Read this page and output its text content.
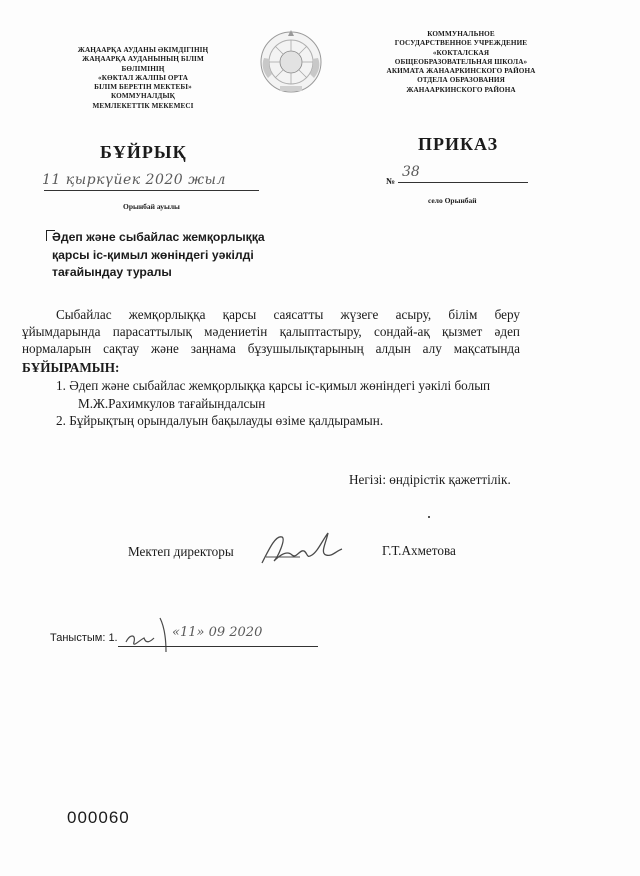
ЖАҢААРҚА АУДАНЫ ӘКІМДІГІНІҢ
ЖАҢААРҚА АУДАНЫНЫҢ БІЛІМ
БӨЛІМІНІҢ
«КӨКТАЛ ЖАЛПЫ ОРТА
БІЛІМ БЕРЕТІН МЕКТЕБІ»
КОММУНАЛДЫҚ
МЕМЛЕКЕТТІК МЕКЕМЕСІ
КОММУНАЛЬНОЕ
ГОСУДАРСТВЕННОЕ УЧРЕЖДЕНИЕ
«КОКТАЛСКАЯ
ОБЩЕОБРАЗОВАТЕЛЬНАЯ ШКОЛА»
АКИМАТА ЖАНААРКИНСКОГО РАЙОНА
ОТДЕЛА ОБРАЗОВАНИЯ
ЖАНААРКИНСКОГО РАЙОНА
БҰЙРЫҚ	ПРИКАЗ
11 қыркүйек 2020 жыл	№
38
Орынбай ауылы
село Орынбай
Әдеп және сыбайлас жемқорлыққа
қарсы іс-қимыл жөніндегі уәкілді
тағайындау туралы
Сыбайлас жемқорлыққа қарсы саясатты жүзеге асыру, білім беру
ұйымдарында парасаттылық мәдениетін қалыптастыру, сондай-ақ қызмет әдеп
нормаларын сақтау және заңнама бұзушылықтарының алдын алу мақсатында
БҰЙЫРАМЫН:
1. Әдеп және сыбайлас жемқорлыққа қарсы іс-қимыл жөніндегі уәкілі болып
М.Ж.Рахимкулов тағайындалсын
2. Бұйрықтың орындалуын бақылауды өзіме қалдырамын.
Негізі: өндірістік қажеттілік.
Мектеп директоры	Г.Т.Ахметова
Таныстым: 1.	«11» 09 2020
000060
